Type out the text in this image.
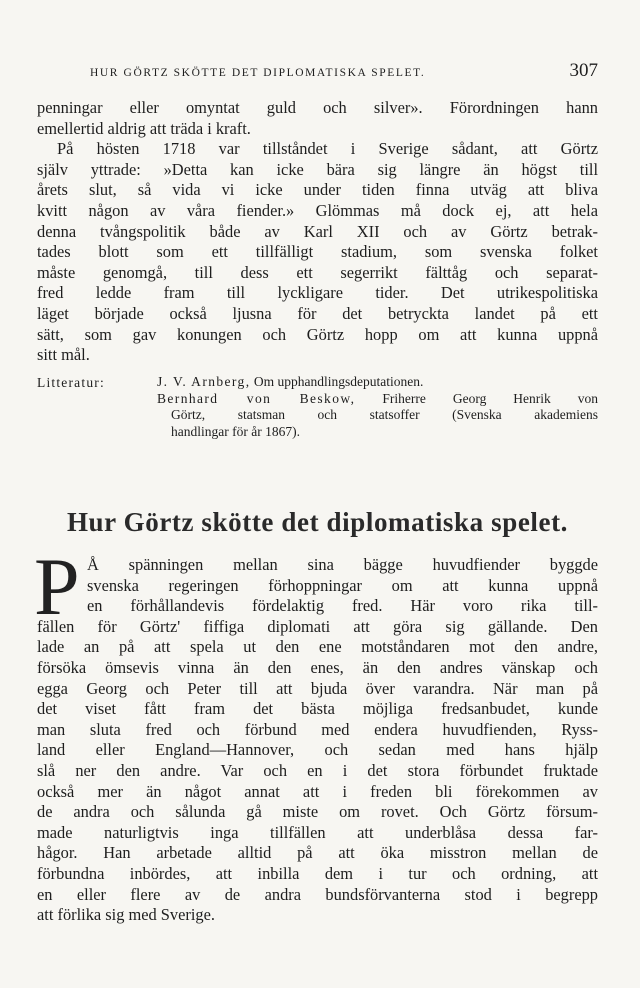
HUR GÖRTZ SKÖTTE DET DIPLOMATISKA SPELET.	307
penningar eller omyntat guld och silver». Förordningen hann
emellertid aldrig att träda i kraft.
På hösten 1718 var tillståndet i Sverige sådant, att Görtz
själv yttrade: »Detta kan icke bära sig längre än högst till
årets slut, så vida vi icke under tiden finna utväg att bliva
kvitt någon av våra fiender.» Glömmas må dock ej, att hela
denna tvångspolitik både av Karl XII och av Görtz betrak-
tades blott som ett tillfälligt stadium, som svenska folket
måste genomgå, till dess ett segerrikt fälttåg och separat-
fred ledde fram till lyckligare tider. Det utrikespolitiska
läget började också ljusna för det betryckta landet på ett
sätt, som gav konungen och Görtz hopp om att kunna uppnå
sitt mål.
Litteratur:	J. V. Arnberg, Om upphandlingsdeputationen.
Bernhard von Beskow, Friherre Georg Henrik von
Görtz, statsman och statsoffer (Svenska akademiens
handlingar för år 1867).
Hur Görtz skötte det diplomatiska spelet.
P Å spänningen mellan sina bägge huvudfiender byggde
svenska regeringen förhoppningar om att kunna uppnå
en förhållandevis fördelaktig fred. Här voro rika till-
fällen för Görtz' fiffiga diplomati att göra sig gällande. Den
lade an på att spela ut den ene motståndaren mot den andre,
försöka ömsevis vinna än den enes, än den andres vänskap och
egga Georg och Peter till att bjuda över varandra. När man på
det viset fått fram det bästa möjliga fredsanbudet, kunde
man sluta fred och förbund med endera huvudfienden, Ryss-
land eller England—Hannover, och sedan med hans hjälp
slå ner den andre. Var och en i det stora förbundet fruktade
också mer än något annat att i freden bli förekommen av
de andra och sålunda gå miste om rovet. Och Görtz försum-
made naturligtvis inga tillfällen att underblåsa dessa far-
hågor. Han arbetade alltid på att öka misstron mellan de
förbundna inbördes, att inbilla dem i tur och ordning, att
en eller flere av de andra bundsförvanterna stod i begrepp
att förlika sig med Sverige.
